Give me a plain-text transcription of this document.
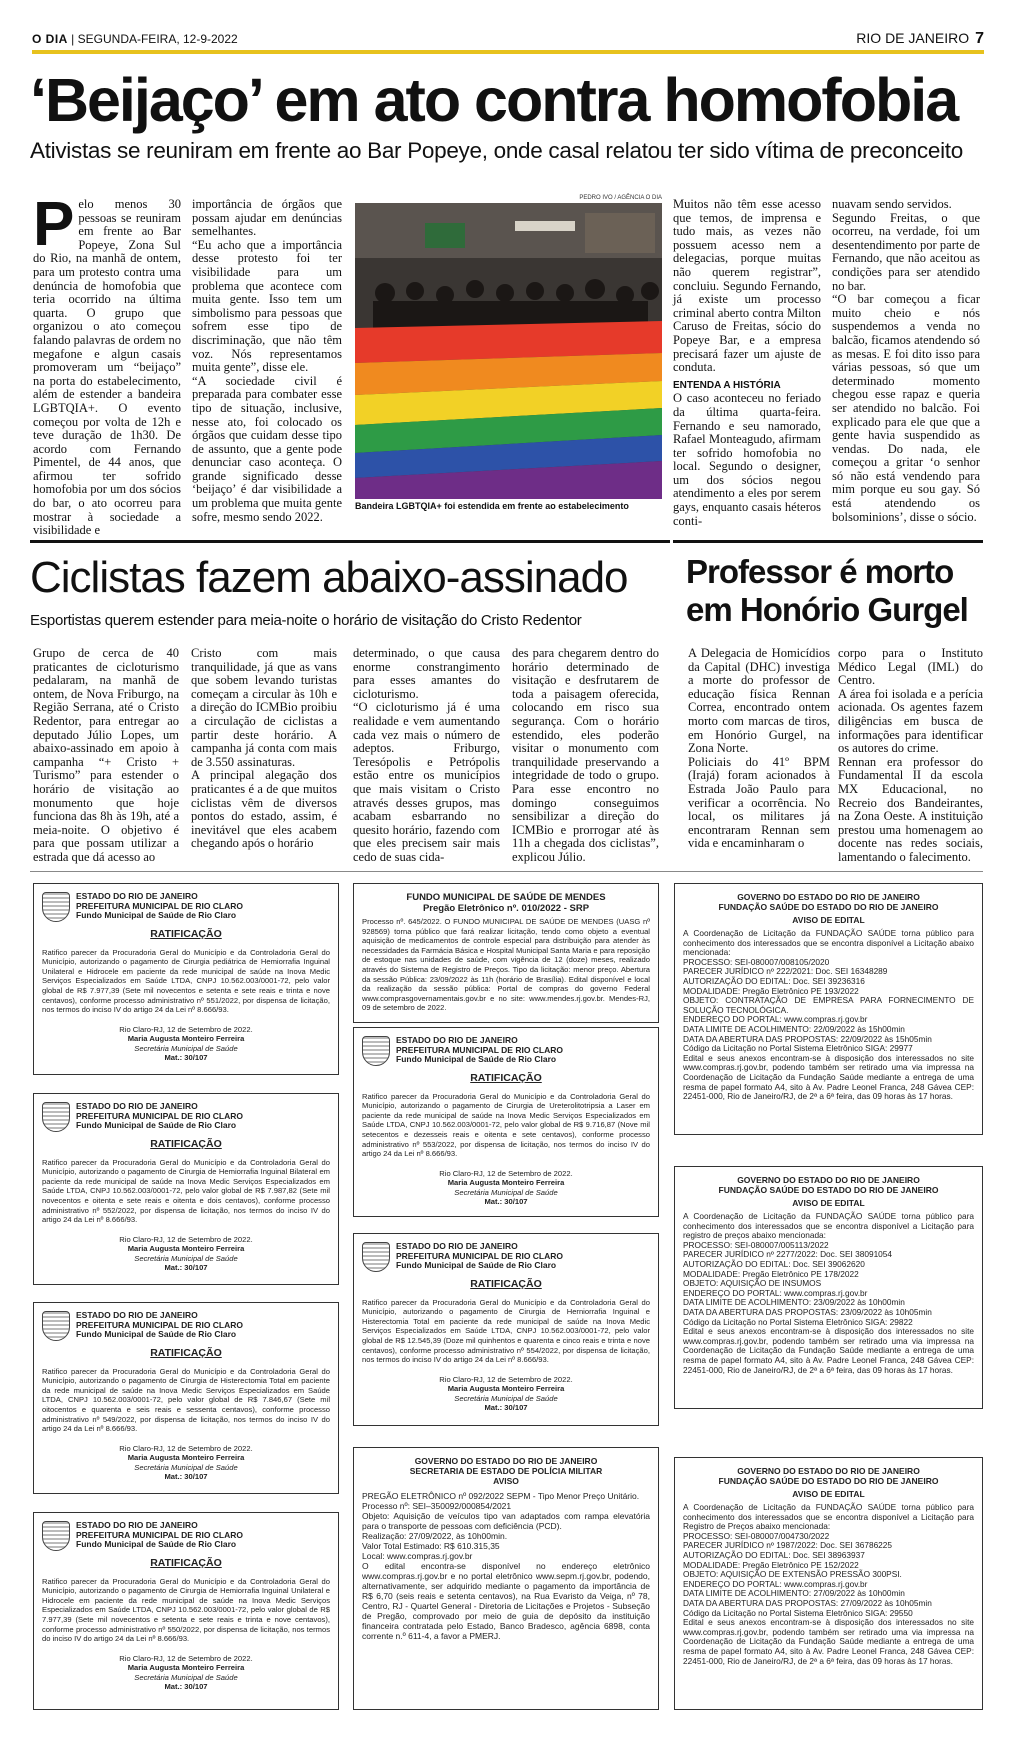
O DIA | SEGUNDA-FEIRA, 12-9-2022	RIO DE JANEIRO 7
‘Beijaço’ em ato contra homofobia
Ativistas se reuniram em frente ao Bar Popeye, onde casal relatou ter sido vítima de preconceito
Pelo menos 30 pessoas se reuniram em frente ao Bar Popeye, Zona Sul do Rio, na manhã de ontem, para um protesto contra uma denúncia de homofobia que teria ocorrido na última quarta. O grupo que organizou o ato começou falando palavras de ordem no megafone e algun casais promoveram um “beijaço” na porta do estabelecimento, além de estender a bandeira LGBTQIA+. O evento começou por volta de 12h e teve duração de 1h30. De acordo com Fernando Pimentel, de 44 anos, que afirmou ter sofrido homofobia por um dos sócios do bar, o ato ocorreu para mostrar à sociedade a visibilidade e
importância de órgãos que possam ajudar em denúncias semelhantes.
“Eu acho que a importância desse protesto foi ter visibilidade para um problema que acontece com muita gente. Isso tem um simbolismo para pessoas que sofrem esse tipo de discriminação, que não têm voz. Nós representamos muita gente”, disse ele.
“A sociedade civil é preparada para combater esse tipo de situação, inclusive, nesse ato, foi colocado os órgãos que cuidam desse tipo de assunto, que a gente pode denunciar caso aconteça. O grande significado desse ‘beijaço’ é dar visibilidade a um problema que muita gente sofre, mesmo sendo 2022.
PEDRO IVO / AGÊNCIA O DIA
Bandeira LGBTQIA+ foi estendida em frente ao estabelecimento
Muitos não têm esse acesso que temos, de imprensa e tudo mais, as vezes não possuem acesso nem a delegacias, porque muitas não querem registrar”, concluiu. Segundo Fernando, já existe um processo criminal aberto contra Milton Caruso de Freitas, sócio do Popeye Bar, e a empresa precisará fazer um ajuste de conduta.
ENTENDA A HISTÓRIA
O caso aconteceu no feriado da última quarta-feira. Fernando e seu namorado, Rafael Monteagudo, afirmam ter sofrido homofobia no local. Segundo o designer, um dos sócios negou atendimento a eles por serem gays, enquanto casais héteros conti-
nuavam sendo servidos.
Segundo Freitas, o que ocorreu, na verdade, foi um desentendimento por parte de Fernando, que não aceitou as condições para ser atendido no bar.
“O bar começou a ficar muito cheio e nós suspendemos a venda no balcão, ficamos atendendo só as mesas. E foi dito isso para várias pessoas, só que um determinado momento chegou esse rapaz e queria ser atendido no balcão. Foi explicado para ele que que a gente havia suspendido as vendas. Do nada, ele começou a gritar ‘o senhor só não está vendendo para mim porque eu sou gay. Só está atendendo os bolsominions’, disse o sócio.
Ciclistas fazem abaixo-assinado
Esportistas querem estender para meia-noite o horário de visitação do Cristo Redentor
Grupo de cerca de 40 praticantes de cicloturismo pedalaram, na manhã de ontem, de Nova Friburgo, na Região Serrana, até o Cristo Redentor, para entregar ao deputado Júlio Lopes, um abaixo-assinado em apoio à campanha “+ Cristo + Turismo” para estender o horário de visitação ao monumento que hoje funciona das 8h às 19h, até a meia-noite. O objetivo é para que possam utilizar a estrada que dá acesso ao
Cristo com mais tranquilidade, já que as vans que sobem levando turistas começam a circular às 10h e a direção do ICMBio proibiu a circulação de ciclistas a partir deste horário. A campanha já conta com mais de 3.550 assinaturas.
A principal alegação dos praticantes é a de que muitos ciclistas vêm de diversos pontos do estado, assim, é inevitável que eles acabem chegando após o horário
determinado, o que causa enorme constrangimento para esses amantes do cicloturismo.
“O cicloturismo já é uma realidade e vem aumentando cada vez mais o número de adeptos. Friburgo, Teresópolis e Petrópolis estão entre os municípios que mais visitam o Cristo através desses grupos, mas acabam esbarrando no quesito horário, fazendo com que eles precisem sair mais cedo de suas cida-
des para chegarem dentro do horário determinado de visitação e desfrutarem de toda a paisagem oferecida, colocando em risco sua segurança. Com o horário estendido, eles poderão visitar o monumento com tranquilidade preservando a integridade de todo o grupo. Para esse encontro no domingo conseguimos sensibilizar a direção do ICMBio e prorrogar até às 11h a chegada dos ciclistas”, explicou Júlio.
Professor é morto em Honório Gurgel
A Delegacia de Homicídios da Capital (DHC) investiga a morte do professor de educação física Rennan Correa, encontrado ontem morto com marcas de tiros, em Honório Gurgel, na Zona Norte.
Policiais do 41º BPM (Irajá) foram acionados à Estrada João Paulo para verificar a ocorrência. No local, os militares já encontraram Rennan sem vida e encaminharam o
corpo para o Instituto Médico Legal (IML) do Centro.
A área foi isolada e a perícia acionada. Os agentes fazem diligências em busca de informações para identificar os autores do crime.
Rennan era professor do Fundamental II da escola MX Educacional, no Recreio dos Bandeirantes, na Zona Oeste. A instituição prestou uma homenagem ao docente nas redes sociais, lamentando o falecimento.
ESTADO DO RIO DE JANEIRO
PREFEITURA MUNICIPAL DE RIO CLARO
Fundo Municipal de Saúde de Rio Claro
RATIFICAÇÃO
Ratifico parecer da Procuradoria Geral do Município e da Controladoria Geral do Município, autorizando o pagamento de Cirurgia pediátrica de Hemiorrafia Inguinal Unilateral e Hidrocele em paciente da rede municipal de saúde na Inova Medic Serviços Especializados em Saúde LTDA, CNPJ 10.562.003/0001-72, pelo valor global de R$ 7.977,39 (Sete mil novecentos e setenta e sete reais e trinta e nove centavos), conforme processo administrativo nº 551/2022, por dispensa de licitação, nos termos do inciso IV do artigo 24 da Lei nº 8.666/93.
Rio Claro-RJ, 12 de Setembro de 2022.
Maria Augusta Monteiro Ferreira
Secretária Municipal de Saúde
Mat.: 30/107
ESTADO DO RIO DE JANEIRO
PREFEITURA MUNICIPAL DE RIO CLARO
Fundo Municipal de Saúde de Rio Claro
RATIFICAÇÃO
Ratifico parecer da Procuradoria Geral do Município e da Controladoria Geral do Município, autorizando o pagamento de Cirurgia de Hemiorrafia Inguinal Bilateral em paciente da rede municipal de saúde na Inova Medic Serviços Especializados em Saúde LTDA, CNPJ 10.562.003/0001-72, pelo valor global de R$ 7.987,82 (Sete mil novecentos e oitenta e sete reais e oitenta e dois centavos), conforme processo administrativo nº 552/2022, por dispensa de licitação, nos termos do inciso IV do artigo 24 da Lei nº 8.666/93.
Rio Claro-RJ, 12 de Setembro de 2022.
Maria Augusta Monteiro Ferreira
Secretária Municipal de Saúde
Mat.: 30/107
ESTADO DO RIO DE JANEIRO
PREFEITURA MUNICIPAL DE RIO CLARO
Fundo Municipal de Saúde de Rio Claro
RATIFICAÇÃO
Ratifico parecer da Procuradoria Geral do Município e da Controladoria Geral do Município, autorizando o pagamento de Cirurgia de Histerectomia Total em paciente da rede municipal de saúde na Inova Medic Serviços Especializados em Saúde LTDA, CNPJ 10.562.003/0001-72, pelo valor global de R$ 7.846,67 (Sete mil oitocentos e quarenta e seis reais e sessenta centavos), conforme processo administrativo nº 549/2022, por dispensa de licitação, nos termos do inciso IV do artigo 24 da Lei nº 8.666/93.
Rio Claro-RJ, 12 de Setembro de 2022.
Maria Augusta Monteiro Ferreira
Secretária Municipal de Saúde
Mat.: 30/107
ESTADO DO RIO DE JANEIRO
PREFEITURA MUNICIPAL DE RIO CLARO
Fundo Municipal de Saúde de Rio Claro
RATIFICAÇÃO
Ratifico parecer da Procuradoria Geral do Município e da Controladoria Geral do Município, autorizando o pagamento de Cirurgia de Hemiorrafia Inguinal Unilateral e Hidrocele em paciente da rede municipal de saúde na Inova Medic Serviços Especializados em Saúde LTDA, CNPJ 10.562.003/0001-72, pelo valor global de R$ 7.977,39 (Sete mil novecentos e setenta e sete reais e trinta e nove centavos), conforme processo administrativo nº 550/2022, por dispensa de licitação, nos termos do inciso IV do artigo 24 da Lei nº 8.666/93.
Rio Claro-RJ, 12 de Setembro de 2022.
Maria Augusta Monteiro Ferreira
Secretária Municipal de Saúde
Mat.: 30/107
FUNDO MUNICIPAL DE SAÚDE DE MENDES
Pregão Eletrônico nº. 010/2022 - SRP
Processo nº. 645/2022. O FUNDO MUNICIPAL DE SAÚDE DE MENDES (UASG nº 928569) torna público que fará realizar licitação, tendo como objeto a eventual aquisição de medicamentos de controle especial para distribuição para atender às necessidades da Farmácia Básica e Hospital Municipal Santa Maria e para reposição de estoque nas unidades de saúde, com vigência de 12 (doze) meses, realizado através do Sistema de Registro de Preços. Tipo da licitação: menor preço. Abertura da sessão Pública: 23/09/2022 às 11h (horário de Brasília). Edital disponível e local da realização da sessão pública: Portal de compras do governo Federal www.comprasgovernamentais.gov.br e no site: www.mendes.rj.gov.br. Mendes-RJ, 09 de setembro de 2022.
ESTADO DO RIO DE JANEIRO
PREFEITURA MUNICIPAL DE RIO CLARO
Fundo Municipal de Saúde de Rio Claro
RATIFICAÇÃO
Ratifico parecer da Procuradoria Geral do Município e da Controladoria Geral do Município, autorizando o pagamento de Cirurgia de Ureterolitotripsia a Laser em paciente da rede municipal de saúde na Inova Medic Serviços Especializados em Saúde LTDA, CNPJ 10.562.003/0001-72, pelo valor global de R$ 9.716,87 (Nove mil setecentos e dezesseis reais e oitenta e sete centavos), conforme processo administrativo nº 553/2022, por dispensa de licitação, nos termos do inciso IV do artigo 24 da Lei nº 8.666/93.
Rio Claro-RJ, 12 de Setembro de 2022.
Maria Augusta Monteiro Ferreira
Secretária Municipal de Saúde
Mat.: 30/107
ESTADO DO RIO DE JANEIRO
PREFEITURA MUNICIPAL DE RIO CLARO
Fundo Municipal de Saúde de Rio Claro
RATIFICAÇÃO
Ratifico parecer da Procuradoria Geral do Município e da Controladoria Geral do Município, autorizando o pagamento de Cirurgia de Herniorrafia Inguinal e Histerectomia Total em paciente da rede municipal de saúde na Inova Medic Serviços Especializados em Saúde LTDA, CNPJ 10.562.003/0001-72, pelo valor global de R$ 12.545,39 (Doze mil quinhentos e quarenta e cinco reais e trinta e nove centavos), conforme processo administrativo nº 554/2022, por dispensa de licitação, nos termos do inciso IV do artigo 24 da Lei nº 8.666/93.
Rio Claro-RJ, 12 de Setembro de 2022.
Maria Augusta Monteiro Ferreira
Secretária Municipal de Saúde
Mat.: 30/107
GOVERNO DO ESTADO DO RIO DE JANEIRO
SECRETARIA DE ESTADO DE POLÍCIA MILITAR
AVISO
PREGÃO ELETRÔNICO nº 092/2022 SEPM - Tipo Menor Preço Unitário.
Processo nº: SEI–350092/000854/2021
Objeto: Aquisição de veículos tipo van adaptados com rampa elevatória para o transporte de pessoas com deficiência (PCD).
Realização: 27/09/2022, às 10h00min.
Valor Total Estimado: R$ 610.315,35
Local: www.compras.rj.gov.br
O edital encontra-se disponível no endereço eletrônico www.compras.rj.gov.br e no portal eletrônico www.sepm.rj.gov.br, podendo, alternativamente, ser adquirido mediante o pagamento da importância de R$ 6,70 (seis reais e setenta centavos), na Rua Evaristo da Veiga, nº 78, Centro, RJ - Quartel General - Diretoria de Licitações e Projetos - Subseção de Pregão, comprovado por meio de guia de depósito da instituição financeira contratada pelo Estado, Banco Bradesco, agência 6898, conta corrente n.º 611-4, a favor a PMERJ.
GOVERNO DO ESTADO DO RIO DE JANEIRO
FUNDAÇÃO SAÚDE DO ESTADO DO RIO DE JANEIRO
AVISO DE EDITAL
A Coordenação de Licitação da FUNDAÇÃO SAÚDE torna público para conhecimento dos interessados que se encontra disponível a Licitação abaixo mencionada:
PROCESSO: SEI-080007/008105/2020
PARECER JURÍDICO nº 222/2021: Doc. SEI 16348289
AUTORIZAÇÃO DO EDITAL: Doc. SEI 39236316
MODALIDADE: Pregão Eletrônico PE 193/2022
OBJETO: CONTRATAÇÃO DE EMPRESA PARA FORNECIMENTO DE SOLUÇÃO TECNOLÓGICA.
ENDEREÇO DO PORTAL: www.compras.rj.gov.br
DATA LIMITE DE ACOLHIMENTO: 22/09/2022 às 15h00min
DATA DA ABERTURA DAS PROPOSTAS: 22/09/2022 às 15h05min
Código da Licitação no Portal Sistema Eletrônico SIGA: 29977
Edital e seus anexos encontram-se à disposição dos interessados no site www.compras.rj.gov.br, podendo também ser retirado uma via impressa na Coordenação de Licitação da Fundação Saúde mediante a entrega de uma resma de papel formato A4, sito à Av. Padre Leonel Franca, 248 Gávea CEP: 22451-000, Rio de Janeiro/RJ, de 2ª a 6ª feira, das 09 horas às 17 horas.
GOVERNO DO ESTADO DO RIO DE JANEIRO
FUNDAÇÃO SAÚDE DO ESTADO DO RIO DE JANEIRO
AVISO DE EDITAL
A Coordenação de Licitação da FUNDAÇÃO SAÚDE torna público para conhecimento dos interessados que se encontra disponível a Licitação para registro de preços abaixo mencionada:
PROCESSO: SEI-080007/005113/2022
PARECER JURÍDICO nº 2277/2022: Doc. SEI 38091054
AUTORIZAÇÃO DO EDITAL: Doc. SEI 39062620
MODALIDADE: Pregão Eletrônico PE 178/2022
OBJETO: AQUISIÇÃO DE INSUMOS
ENDEREÇO DO PORTAL: www.compras.rj.gov.br
DATA LIMITE DE ACOLHIMENTO: 23/09/2022 às 10h00min
DATA DA ABERTURA DAS PROPOSTAS: 23/09/2022 às 10h05min
Código da Licitação no Portal Sistema Eletrônico SIGA: 29822
Edital e seus anexos encontram-se à disposição dos interessados no site www.compras.rj.gov.br, podendo também ser retirado uma via impressa na Coordenação de Licitação da Fundação Saúde mediante a entrega de uma resma de papel formato A4, sito à Av. Padre Leonel Franca, 248 Gávea CEP: 22451-000, Rio de Janeiro/RJ, de 2ª a 6ª feira, das 09 horas às 17 horas.
GOVERNO DO ESTADO DO RIO DE JANEIRO
FUNDAÇÃO SAÚDE DO ESTADO DO RIO DE JANEIRO
AVISO DE EDITAL
A Coordenação de Licitação da FUNDAÇÃO SAÚDE torna público para conhecimento dos interessados que se encontra disponível a Licitação para Registro de Preços abaixo mencionada:
PROCESSO: SEI-080007/004730/2022
PARECER JURÍDICO nº 1987/2022: Doc. SEI 36786225
AUTORIZAÇÃO DO EDITAL: Doc. SEI 38963937
MODALIDADE: Pregão Eletrônico PE 152/2022
OBJETO: AQUISIÇÃO DE EXTENSÃO PRESSÃO 300PSI.
ENDEREÇO DO PORTAL: www.compras.rj.gov.br
DATA LIMITE DE ACOLHIMENTO: 27/09/2022 às 10h00min
DATA DA ABERTURA DAS PROPOSTAS: 27/09/2022 às 10h05min
Código da Licitação no Portal Sistema Eletrônico SIGA: 29550
Edital e seus anexos encontram-se à disposição dos interessados no site www.compras.rj.gov.br, podendo também ser retirado uma via impressa na Coordenação de Licitação da Fundação Saúde mediante a entrega de uma resma de papel formato A4, sito à Av. Padre Leonel Franca, 248 Gávea CEP: 22451-000, Rio de Janeiro/RJ, de 2ª a 6ª feira, das 09 horas às 17 horas.
